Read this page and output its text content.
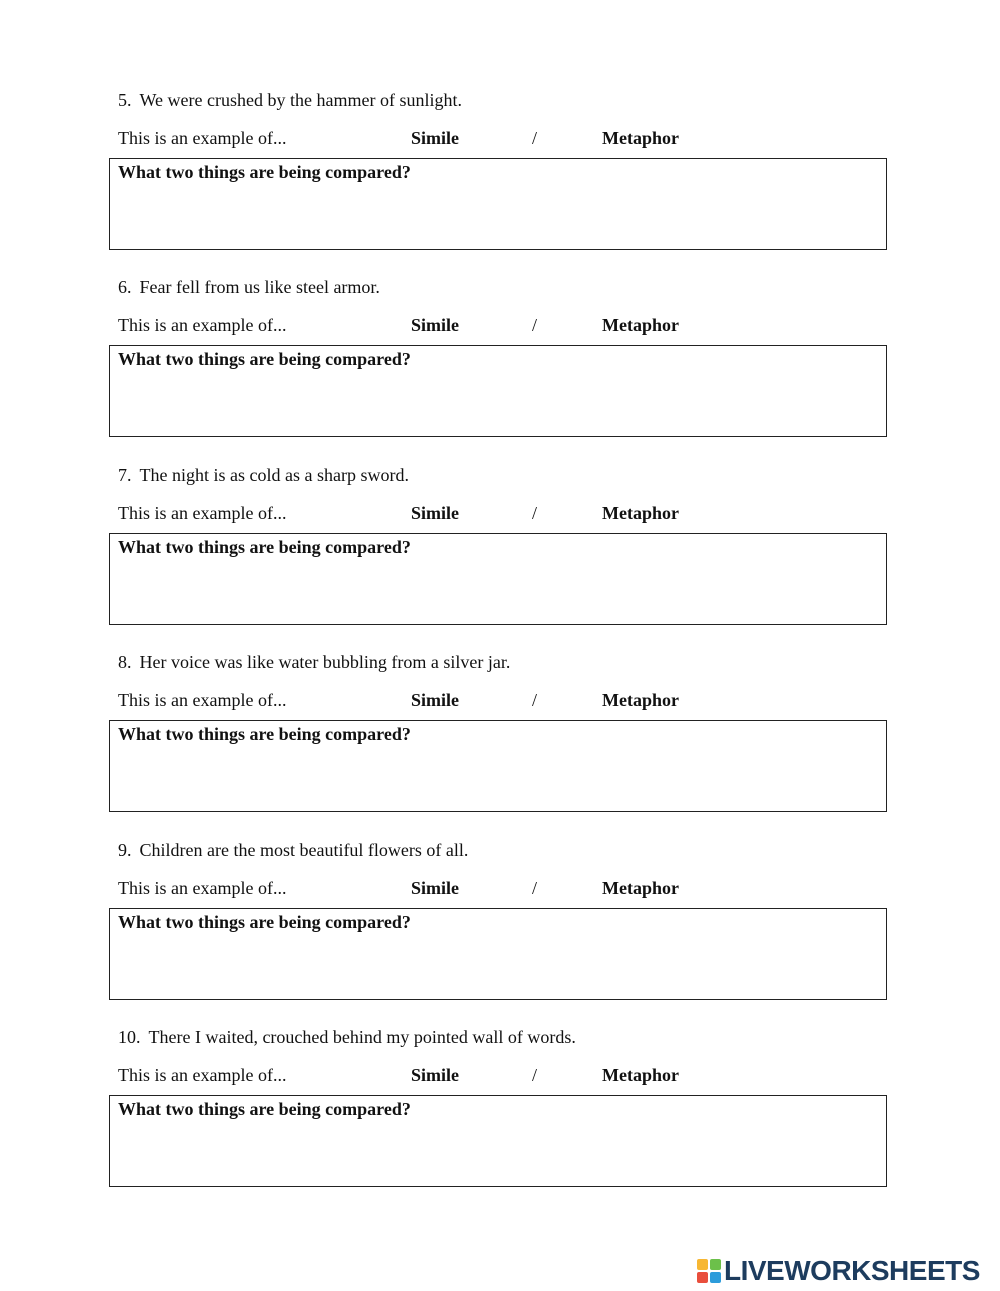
5. We were crushed by the hammer of sunlight.
This is an example of...	Simile	/	Metaphor
What two things are being compared?
6. Fear fell from us like steel armor.
This is an example of...	Simile	/	Metaphor
What two things are being compared?
7. The night is as cold as a sharp sword.
This is an example of...	Simile	/	Metaphor
What two things are being compared?
8. Her voice was like water bubbling from a silver jar.
This is an example of...	Simile	/	Metaphor
What two things are being compared?
9. Children are the most beautiful flowers of all.
This is an example of...	Simile	/	Metaphor
What two things are being compared?
10. There I waited, crouched behind my pointed wall of words.
This is an example of...	Simile	/	Metaphor
What two things are being compared?
LIVEWORKSHEETS
